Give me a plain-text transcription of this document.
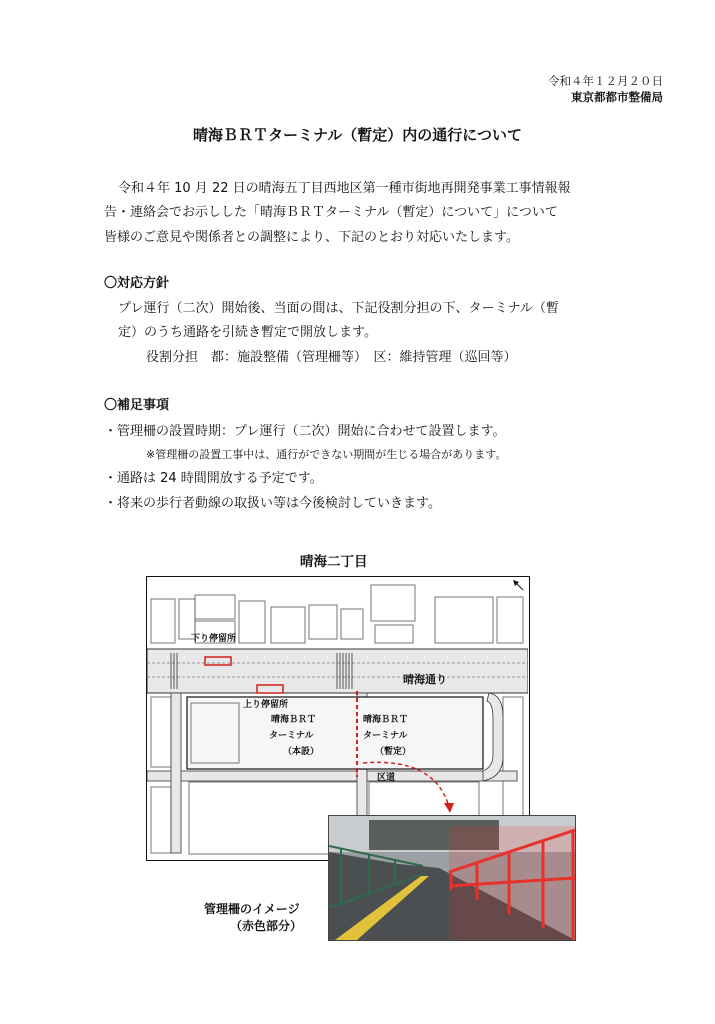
令和４年１２月２０日
東京都都市整備局
晴海ＢＲＴターミナル（暫定）内の通行について
令和４年 10 月 22 日の晴海五丁目西地区第一種市街地再開発事業工事情報報
告・連絡会でお示しした「晴海ＢＲＴターミナル（暫定）について」について
皆様のご意見や関係者との調整により、下記のとおり対応いたします。
〇対応方針
プレ運行（二次）開始後、当面の間は、下記役割分担の下、ターミナル（暫
定）のうち通路を引続き暫定で開放します。
役割分担　都：施設整備（管理柵等）　区：維持管理（巡回等）
〇補足事項
・管理柵の設置時期：プレ運行（二次）開始に合わせて設置します。
※管理柵の設置工事中は、通行ができない期間が生じる場合があります。
・通路は 24 時間開放する予定です。
・将来の歩行者動線の取扱い等は今後検討していきます。
晴海二丁目
下り停留所
上り停留所
晴海通り
晴海ＢＲＴ
ターミナル
（本設）
晴海ＢＲＴ
ターミナル
（暫定）
区道
管理柵のイメージ
（赤色部分）
